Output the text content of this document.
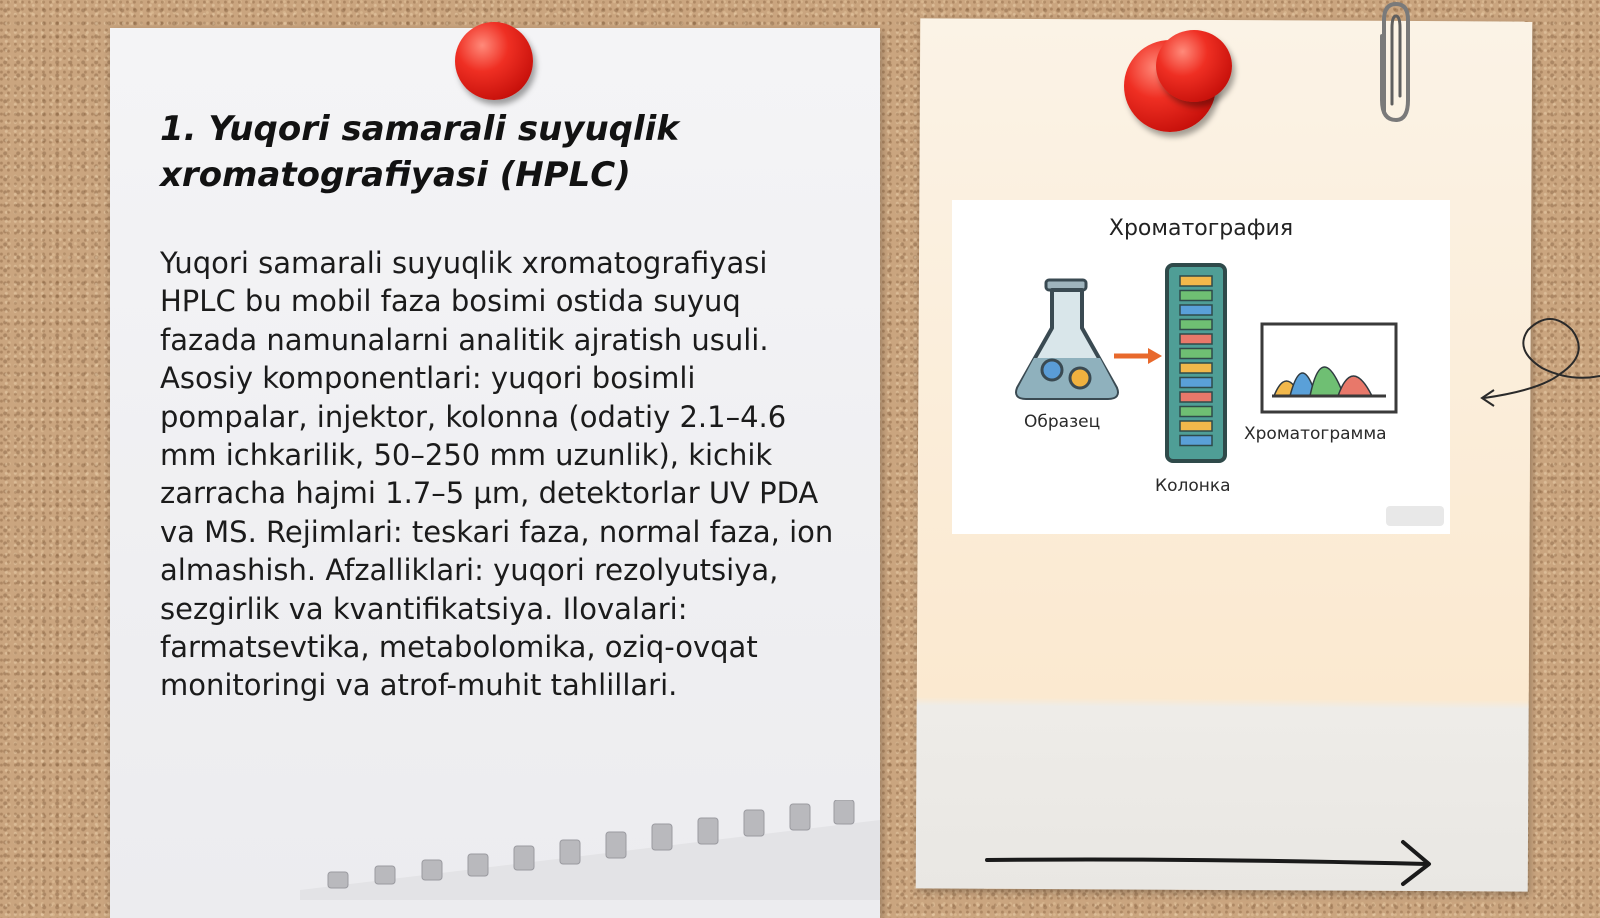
1. Yuqori samarali suyuqlik xromatografiyasi (HPLC)

Yuqori samarali suyuqlik xromatografiyasi HPLC bu mobil faza bosimi ostida suyuq fazada namunalarni analitik ajratish usuli. Asosiy komponentlari: yuqori bosimli pompalar, injektor, kolonna (odatiy 2.1–4.6 mm ichkarilik, 50–250 mm uzunlik), kichik zarracha hajmi 1.7–5 µm, detektorlar UV PDA va MS. Rejimlari: teskari faza, normal faza, ion almashish. Afzalliklari: yuqori rezolyutsiya, sezgirlik va kvantifikatsiya. Ilovalari: farmatsevtika, metabolomika, oziq-ovqat monitoringi va atrof-muhit tahlillari.

Хроматография
Образец
Колонка
Хроматограмма
